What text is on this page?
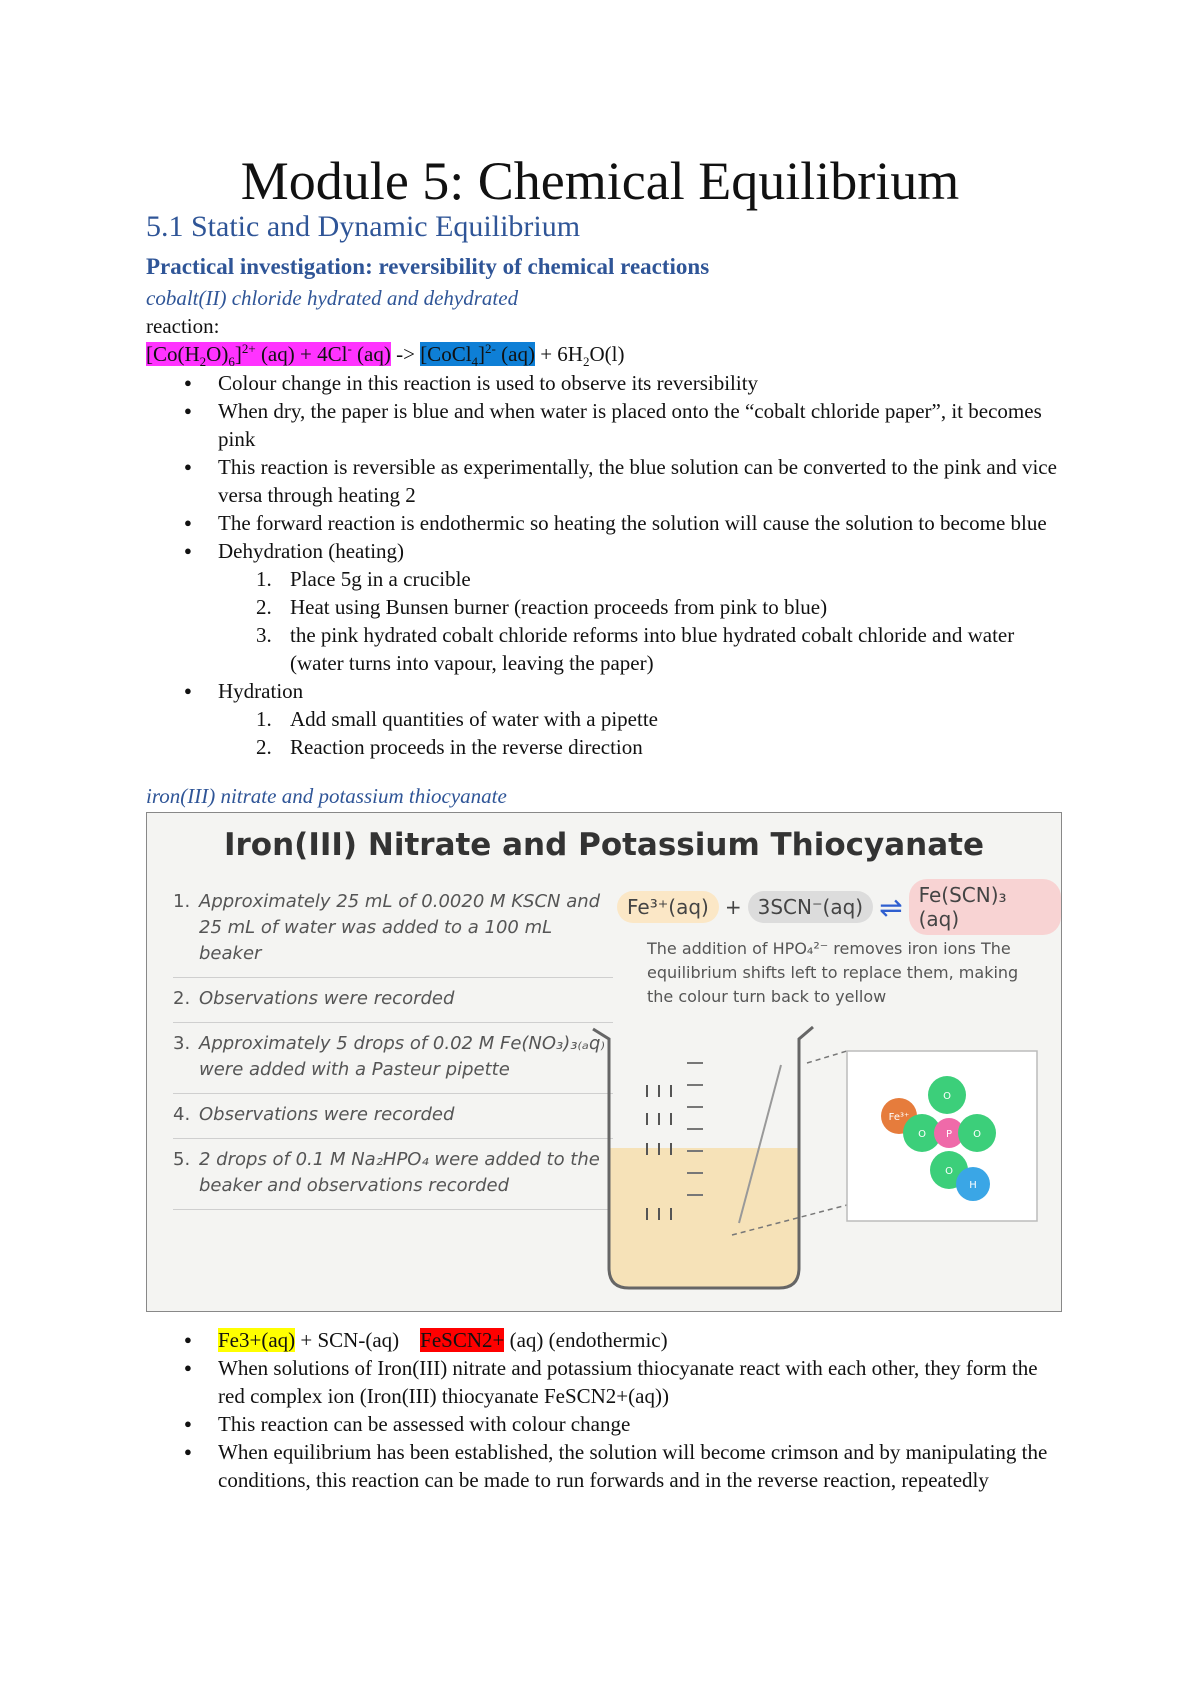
Module 5: Chemical Equilibrium
5.1 Static and Dynamic Equilibrium
Practical investigation: reversibility of chemical reactions

cobalt(II) chloride hydrated and dehydrated

reaction:

$[Co(H_2O)_6]^{2+}$ (aq) + 4Cl- (aq) -> [CoCl$_4$]$^{2-}$ $(aq) + 6H_2O(l)$

● Colour change in this reaction is used to observe its reversibility
● When dry, the paper is blue and when water is placed onto the “cobalt chloride paper”, it becomes pink
● This reaction is reversible as experimentally, the blue solution can be converted to the pink and vice versa through heating 2
● The forward reaction is endothermic so heating the solution will cause the solution to become blue
● Dehydration (heating)
1. Place 5g in a crucible
2. Heat using Bunsen burner (reaction proceeds from pink to blue)
3. the pink hydrated cobalt chloride reforms into blue hydrated cobalt chloride and water (water turns into vapour, leaving the paper)
● Hydration
1. Add small quantities of water with a pipette
2. Reaction proceeds in the reverse direction

iron(III) nitrate and potassium thiocyanate

Iron(III) Nitrate and Potassium Thiocyanate
1. Approximately 25 mL of 0.0020 M KSCN and 25 mL of water was added to a 100 mL beaker
2. Observations were recorded
3. Approximately 5 drops of 0.02 M Fe(NO₃)₃₍ₐq₎ were added with a Pasteur pipette
4. Observations were recorded
5. 2 drops of 0.1 M Na₂HPO₄ were added to the beaker and observations recorded
Fe³⁺(aq) + 3SCN⁻(aq) ⇌ Fe(SCN)₃ (aq)
The addition of HPO₄²⁻ removes iron ions The equilibrium shifts left to replace them, making the colour turn back to yellow
Fe³⁺
O
O P O
O
H
● Fe3+(aq) + SCN-(aq)    FeSCN2+ (aq) (endothermic)
● When solutions of Iron(III) nitrate and potassium thiocyanate react with each other, they form the red complex ion (Iron(III) thiocyanate FeSCN2+(aq))
● This reaction can be assessed with colour change
● When equilibrium has been established, the solution will become crimson and by manipulating the conditions, this reaction can be made to run forwards and in the reverse reaction, repeatedly
